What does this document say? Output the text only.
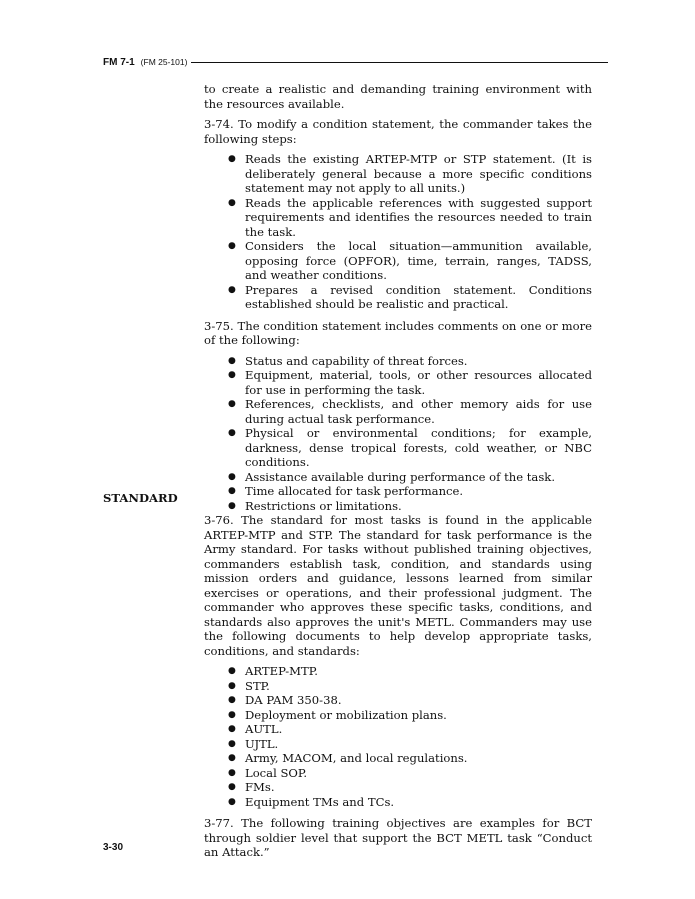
FM 7-1 (FM 25-101)

to create a realistic and demanding training environment with the resources available.

3-74. To modify a condition statement, the commander takes the following steps:

● Reads the existing ARTEP-MTP or STP statement. (It is deliberately general because a more specific conditions statement may not apply to all units.)
● Reads the applicable references with suggested support requirements and identifies the resources needed to train the task.
● Considers the local situation—ammunition available, opposing force (OPFOR), time, terrain, ranges, TADSS, and weather conditions.
● Prepares a revised condition statement. Conditions established should be realistic and practical.

3-75. The condition statement includes comments on one or more of the following:

● Status and capability of threat forces.
● Equipment, material, tools, or other resources allocated for use in performing the task.
● References, checklists, and other memory aids for use during actual task performance.
● Physical or environmental conditions; for example, darkness, dense tropical forests, cold weather, or NBC conditions.
● Assistance available during performance of the task.
● Time allocated for task performance.
● Restrictions or limitations.
STANDARD

3-76. The standard for most tasks is found in the applicable ARTEP-MTP and STP. The standard for task performance is the Army standard. For tasks without published training objectives, commanders establish task, condition, and standards using mission orders and guidance, lessons learned from similar exercises or operations, and their professional judgment. The commander who approves these specific tasks, conditions, and standards also approves the unit's METL. Commanders may use the following documents to help develop appropriate tasks, conditions, and standards:

● ARTEP-MTP.
● STP.
● DA PAM 350-38.
● Deployment or mobilization plans.
● AUTL.
● UJTL.
● Army, MACOM, and local regulations.
● Local SOP.
● FMs.
● Equipment TMs and TCs.

3-77. The following training objectives are examples for BCT through soldier level that support the BCT METL task “Conduct an Attack.”

3-30
